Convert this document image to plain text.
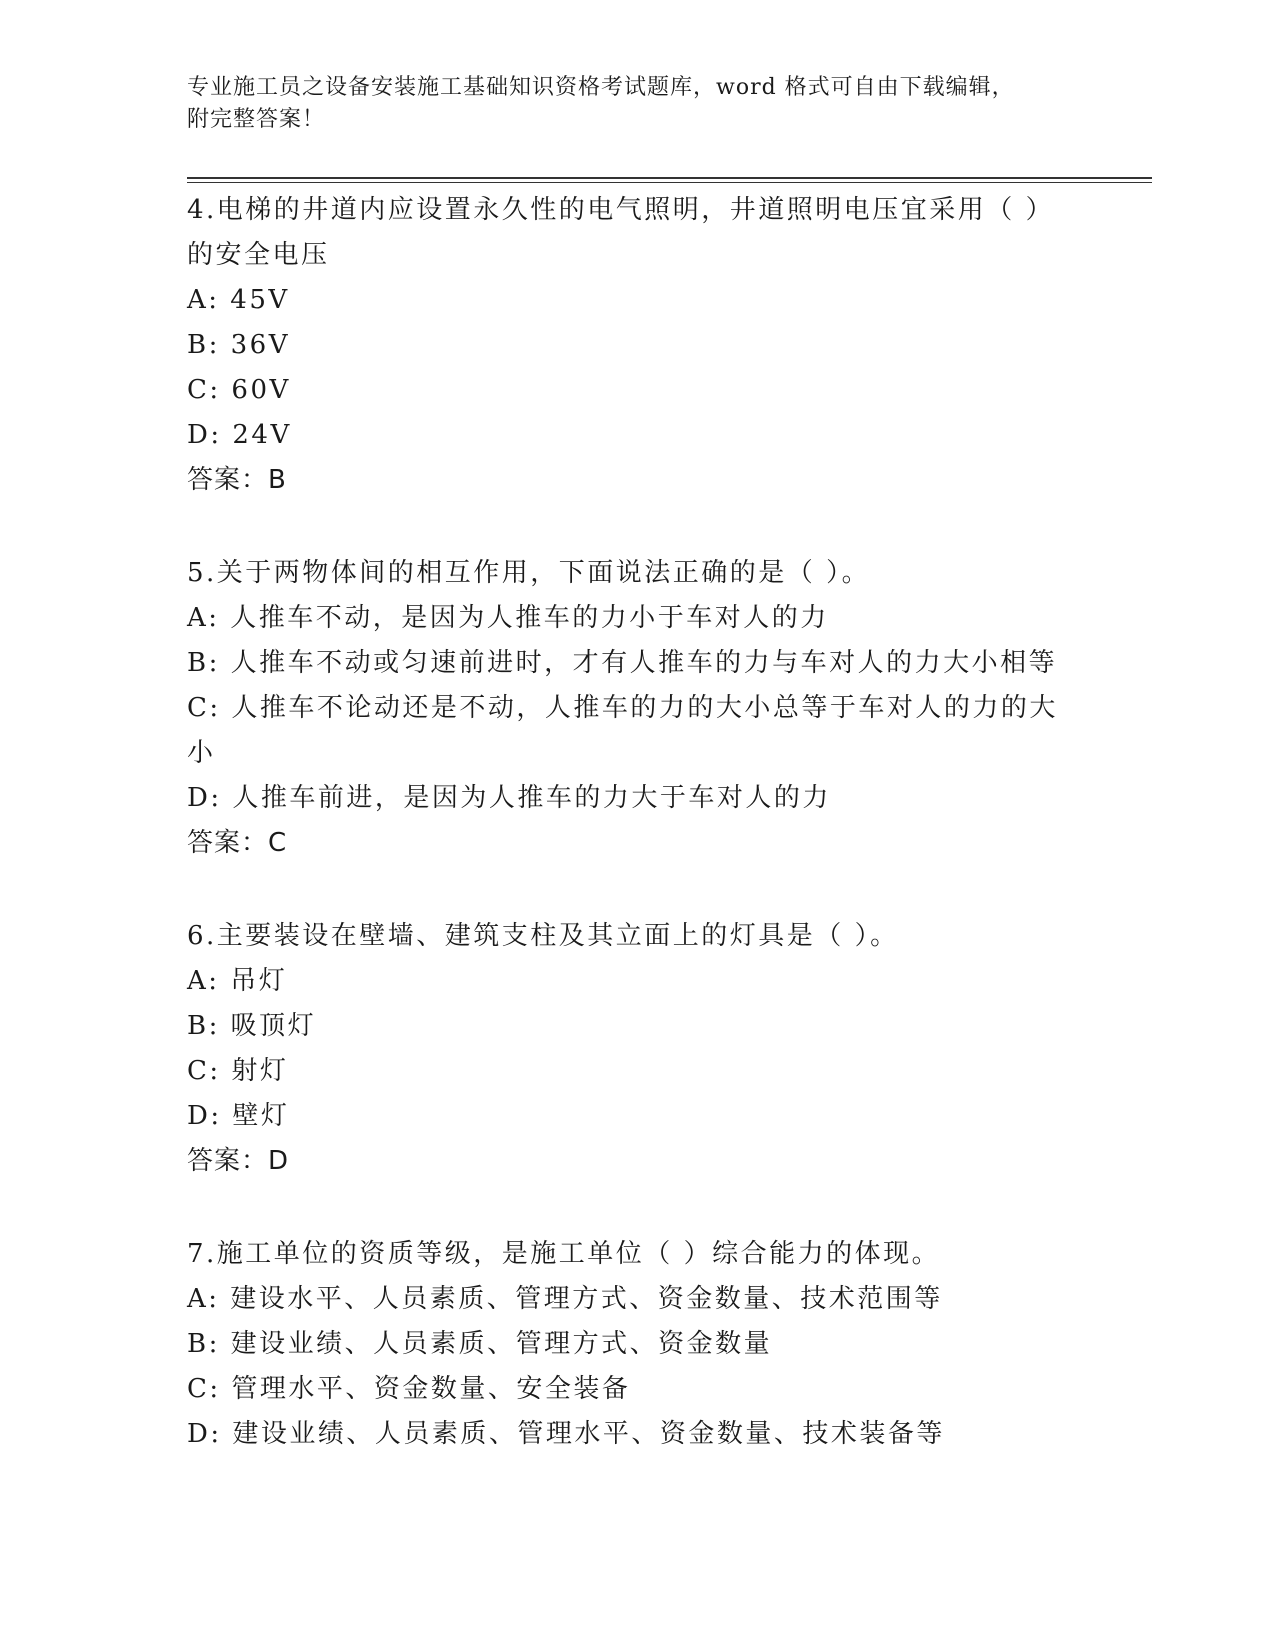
专业施工员之设备安装施工基础知识资格考试题库，word 格式可自由下载编辑，
附完整答案！

4.电梯的井道内应设置永久性的电气照明，井道照明电压宜采用（ ）的安全电压

A: 45V

B: 36V

C: 60V

D: 24V

答案：B

5.关于两物体间的相互作用，下面说法正确的是（ ）。

A: 人推车不动，是因为人推车的力小于车对人的力

B: 人推车不动或匀速前进时，才有人推车的力与车对人的力大小相等

C: 人推车不论动还是不动，人推车的力的大小总等于车对人的力的大小

D: 人推车前进，是因为人推车的力大于车对人的力

答案：C

6.主要装设在壁墙、建筑支柱及其立面上的灯具是（ ）。

A: 吊灯

B: 吸顶灯

C: 射灯

D: 壁灯

答案：D

7.施工单位的资质等级，是施工单位（ ）综合能力的体现。

A: 建设水平、人员素质、管理方式、资金数量、技术范围等

B: 建设业绩、人员素质、管理方式、资金数量

C: 管理水平、资金数量、安全装备

D: 建设业绩、人员素质、管理水平、资金数量、技术装备等
